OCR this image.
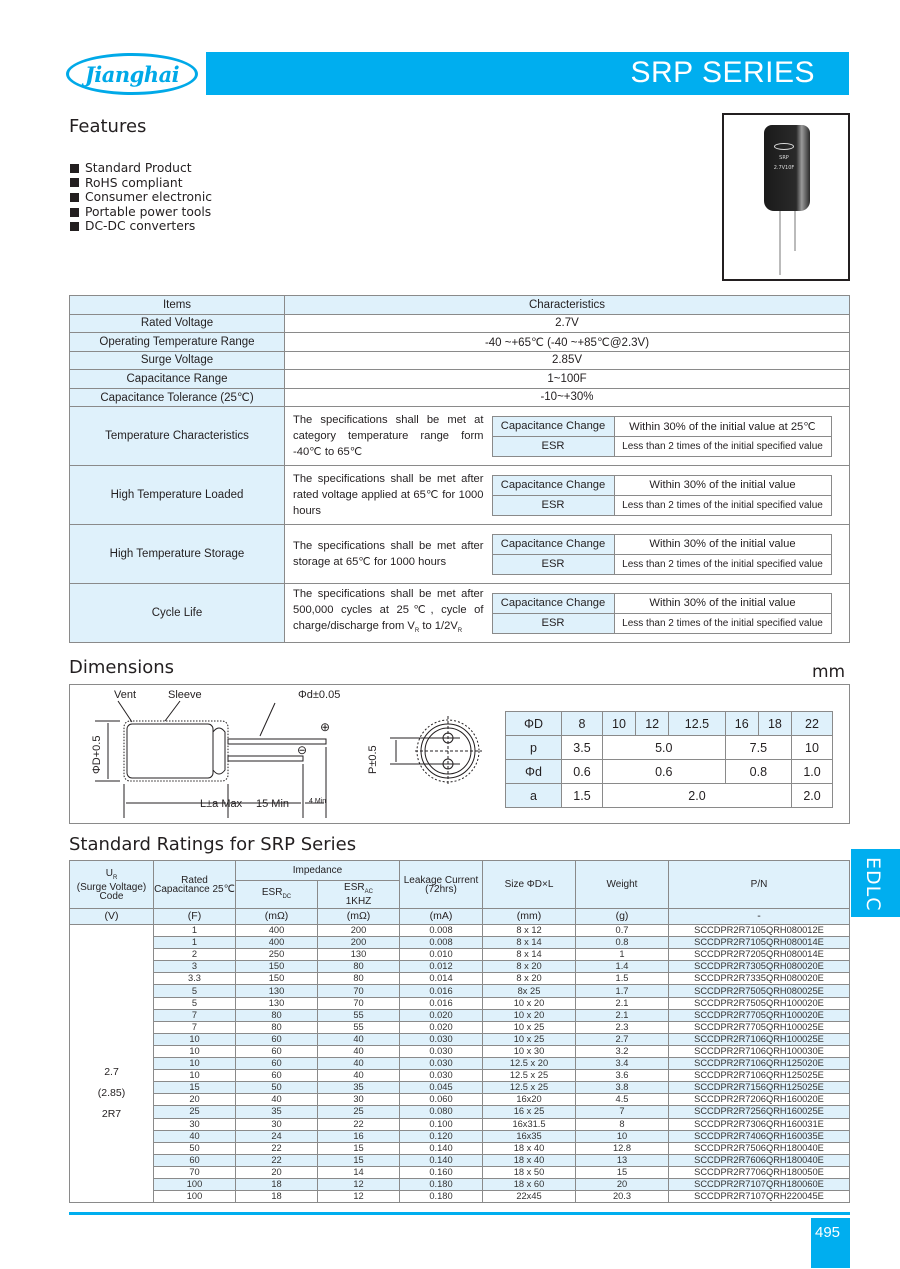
Jianghai	SRP SERIES
Features
Standard Product
RoHS compliant
Consumer electronic
Portable power tools
DC-DC converters
SRP
2.7V10F
Items	Characteristics
Rated Voltage	2.7V
Operating Temperature Range	-40 ~+65℃ (-40 ~+85℃@2.3V)
Surge Voltage	2.85V
Capacitance Range	1~100F
Capacitance Tolerance (25℃)	-10~+30%
Temperature Characteristics	The specifications shall be met at category temperature range form -40℃ to 65℃	
Capacitance Change	Within 30% of the initial value at 25℃
ESR	Less than 2 times of the initial specified value

High Temperature Loaded	The specifications shall be met after rated voltage applied at 65℃ for 1000 hours	
Capacitance Change	Within 30% of the initial value
ESR	Less than 2 times of the initial specified value

High Temperature Storage	The specifications shall be met after storage at 65℃ for 1000 hours	
Capacitance Change	Within 30% of the initial value
ESR	Less than 2 times of the initial specified value

Cycle Life	The specifications shall be met after 500,000 cycles at 25℃, cycle of charge/discharge from $V_R$ to $1/2V_R$	
Capacitance Change	Within 30% of the initial value
ESR	Less than 2 times of the initial specified value
Dimensions	mm
Vent	Sleeve	Φd±0.05
L±a Max 15 Min	4 Min
⊕
⊖
ΦD+0.5	P±0.5
ΦD	8	10	12	12.5	16	18	22
p	3.5	5.0			7.5		10
Φd	0.6	0.6			0.8		1.0
a	1.5	2.0					2.0
Standard Ratings for SRP Series
$U_R$
(Surge Voltage) Code	Rated Capacitance 25℃	Impedance		Leakage Current (72hrs)	Size ΦD×L	Weight	P/N
		$ESR_{DC}$	$ESR_{AC}$
1KHZ				
(V)	(F)	(mΩ)	(mΩ)	(mA)	(mm)	(g)	-

2.7
(2.85)
2R7	1	400	200	0.008	8 x 12	0.7	SCCDPR2R7105QRH080012E
	1	400	200	0.008	8 x 14	0.8	SCCDPR2R7105QRH080014E
	2	250	130	0.010	8 x 14	1	SCCDPR2R7205QRH080014E
	3	150	80	0.012	8 x 20	1.4	SCCDPR2R7305QRH080020E
	3.3	150	80	0.014	8 x 20	1.5	SCCDPR2R7335QRH080020E
	5	130	70	0.016	8x 25	1.7	SCCDPR2R7505QRH080025E
	5	130	70	0.016	10 x 20	2.1	SCCDPR2R7505QRH100020E
	7	80	55	0.020	10 x 20	2.1	SCCDPR2R7705QRH100020E
	7	80	55	0.020	10 x 25	2.3	SCCDPR2R7705QRH100025E
	10	60	40	0.030	10 x 25	2.7	SCCDPR2R7106QRH100025E
	10	60	40	0.030	10 x 30	3.2	SCCDPR2R7106QRH100030E
	10	60	40	0.030	12.5 x 20	3.4	SCCDPR2R7106QRH125020E
	10	60	40	0.030	12.5 x 25	3.6	SCCDPR2R7106QRH125025E
	15	50	35	0.045	12.5 x 25	3.8	SCCDPR2R7156QRH125025E
	20	40	30	0.060	16x20	4.5	SCCDPR2R7206QRH160020E
	25	35	25	0.080	16 x 25	7	SCCDPR2R7256QRH160025E
	30	30	22	0.100	16x31.5	8	SCCDPR2R7306QRH160031E
	40	24	16	0.120	16x35	10	SCCDPR2R7406QRH160035E
	50	22	15	0.140	18 x 40	12.8	SCCDPR2R7506QRH180040E
	60	22	15	0.140	18 x 40	13	SCCDPR2R7606QRH180040E
	70	20	14	0.160	18 x 50	15	SCCDPR2R7706QRH180050E
	100	18	12	0.180	18 x 60	20	SCCDPR2R7107QRH180060E
	100	18	12	0.180	22x45	20.3	SCCDPR2R7107QRH220045E
EDLC
495
